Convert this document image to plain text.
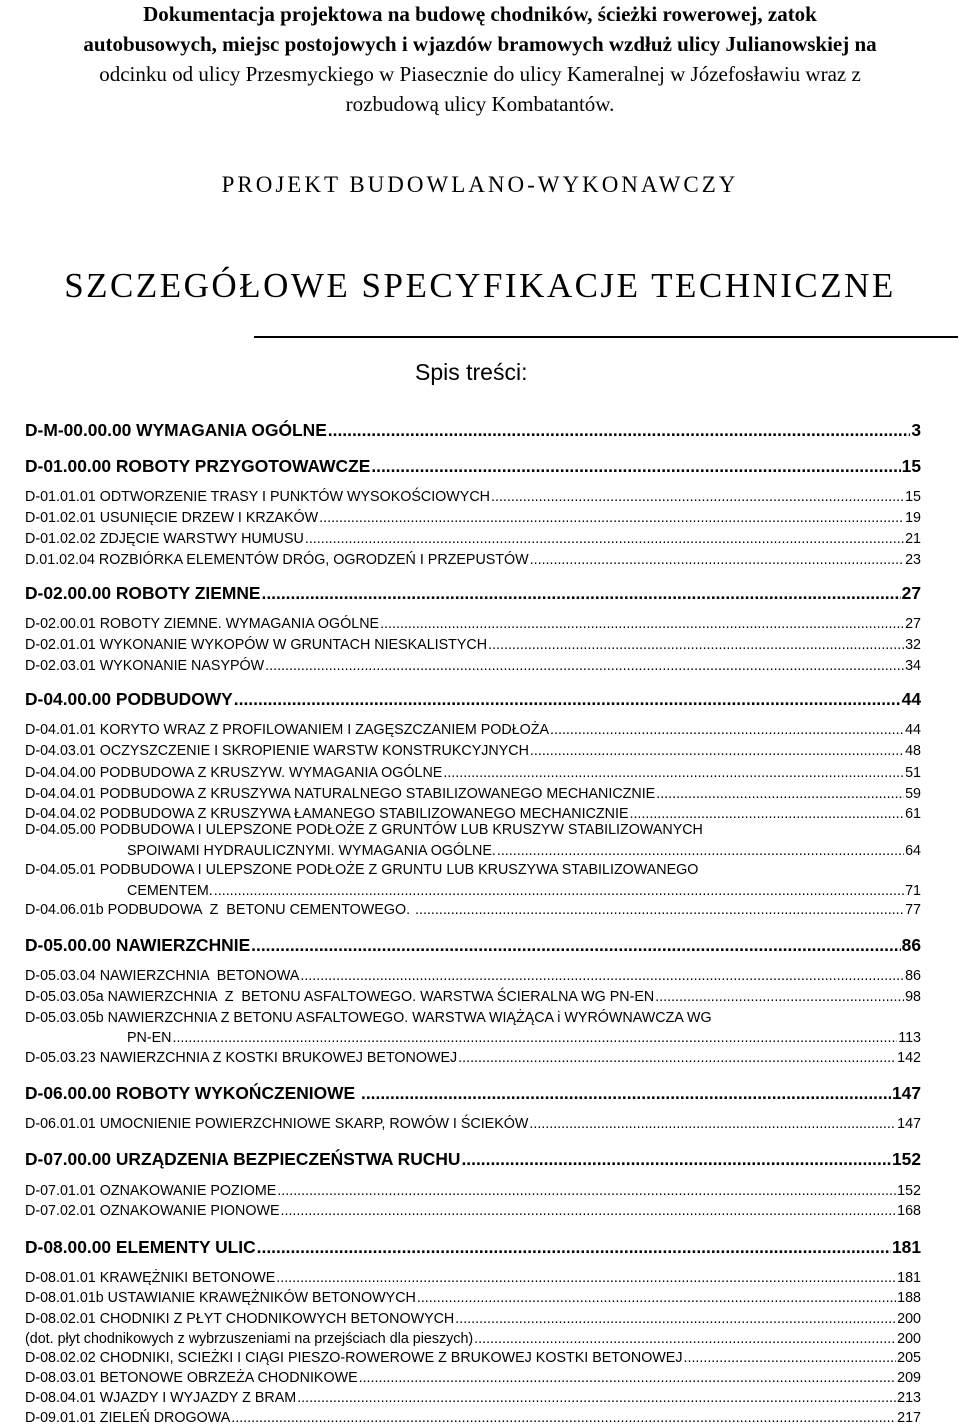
Dokumentacja projektowa na budowę chodników, ścieżki rowerowej, zatok
autobusowych, miejsc postojowych i wjazdów bramowych wzdłuż ulicy Julianowskiej na
odcinku od ulicy Przesmyckiego w Piasecznie do ulicy Kameralnej w Józefosławiu wraz z
rozbudową ulicy Kombatantów.
PROJEKT BUDOWLANO-WYKONAWCZY
SZCZEGÓŁOWE SPECYFIKACJE TECHNICZNE
Spis treści:
D-M-00.00.00 WYMAGANIA OGÓLNE .....	3
D-01.00.00 ROBOTY PRZYGOTOWAWCZE .....	15
D-01.01.01 ODTWORZENIE TRASY I PUNKTÓW WYSOKOŚCIOWYCH .....	15
D-01.02.01 USUNIĘCIE DRZEW I KRZAKÓW .....	19
D-01.02.02 ZDJĘCIE WARSTWY HUMUSU .....	21
D.01.02.04 ROZBIÓRKA ELEMENTÓW DRÓG, OGRODZEŃ I PRZEPUSTÓW .....	23
D-02.00.00 ROBOTY ZIEMNE .....	27
D-02.00.01 ROBOTY ZIEMNE. WYMAGANIA OGÓLNE .....	27
D-02.01.01 WYKONANIE WYKOPÓW W GRUNTACH NIESKALISTYCH .....	32
D-02.03.01 WYKONANIE NASYPÓW .....	34
D-04.00.00 PODBUDOWY .....	44
D-04.01.01 KORYTO WRAZ Z PROFILOWANIEM I ZAGĘSZCZANIEM PODŁOŻA .....	44
D-04.03.01 OCZYSZCZENIE I SKROPIENIE WARSTW KONSTRUKCYJNYCH .....	48
D-04.04.00 PODBUDOWA Z KRUSZYW. WYMAGANIA OGÓLNE .....	51
D-04.04.01 PODBUDOWA Z KRUSZYWA NATURALNEGO STABILIZOWANEGO MECHANICZNIE .....	59
D-04.04.02 PODBUDOWA Z KRUSZYWA ŁAMANEGO STABILIZOWANEGO MECHANICZNIE .....	61
D-04.05.00 PODBUDOWA I ULEPSZONE PODŁOŻE Z GRUNTÓW LUB KRUSZYW STABILIZOWANYCH
SPOIWAMI HYDRAULICZNYMI. WYMAGANIA OGÓLNE. .....	64
D-04.05.01 PODBUDOWA I ULEPSZONE PODŁOŻE Z GRUNTU LUB KRUSZYWA STABILIZOWANEGO
CEMENTEM. .....	71
D-04.06.01b PODBUDOWA  Z  BETONU CEMENTOWEGO. .....	77
D-05.00.00 NAWIERZCHNIE .....	86
D-05.03.04 NAWIERZCHNIA  BETONOWA .....	86
D-05.03.05a NAWIERZCHNIA  Z  BETONU ASFALTOWEGO. WARSTWA ŚCIERALNA WG PN-EN .....	98
D-05.03.05b NAWIERZCHNIA Z BETONU ASFALTOWEGO. WARSTWA WIĄŻĄCA i WYRÓWNAWCZA WG
PN-EN .....	113
D-05.03.23 NAWIERZCHNIA Z KOSTKI BRUKOWEJ BETONOWEJ .....	142
D-06.00.00 ROBOTY WYKOŃCZENIOWE .....	147
D-06.01.01 UMOCNIENIE POWIERZCHNIOWE SKARP, ROWÓW I ŚCIEKÓW .....	147
D-07.00.00 URZĄDZENIA BEZPIECZEŃSTWA RUCHU .....	152
D-07.01.01 OZNAKOWANIE POZIOME .....	152
D-07.02.01 OZNAKOWANIE PIONOWE .....	168
D-08.00.00 ELEMENTY ULIC .....	181
D-08.01.01 KRAWĘŻNIKI BETONOWE .....	181
D-08.01.01b USTAWIANIE KRAWĘŻNIKÓW BETONOWYCH .....	188
D-08.02.01 CHODNIKI Z PŁYT CHODNIKOWYCH BETONOWYCH .....	200
(dot. płyt chodnikowych z wybrzuszeniami na przejściach dla pieszych) .....	200
D-08.02.02 CHODNIKI, SCIEŻKI I CIĄGI PIESZO-ROWEROWE Z BRUKOWEJ KOSTKI BETONOWEJ .....	205
D-08.03.01 BETONOWE OBRZEŻA CHODNIKOWE .....	209
D-08.04.01 WJAZDY I WYJAZDY Z BRAM .....	213
D-09.01.01 ZIELEŃ DROGOWA .....	217
